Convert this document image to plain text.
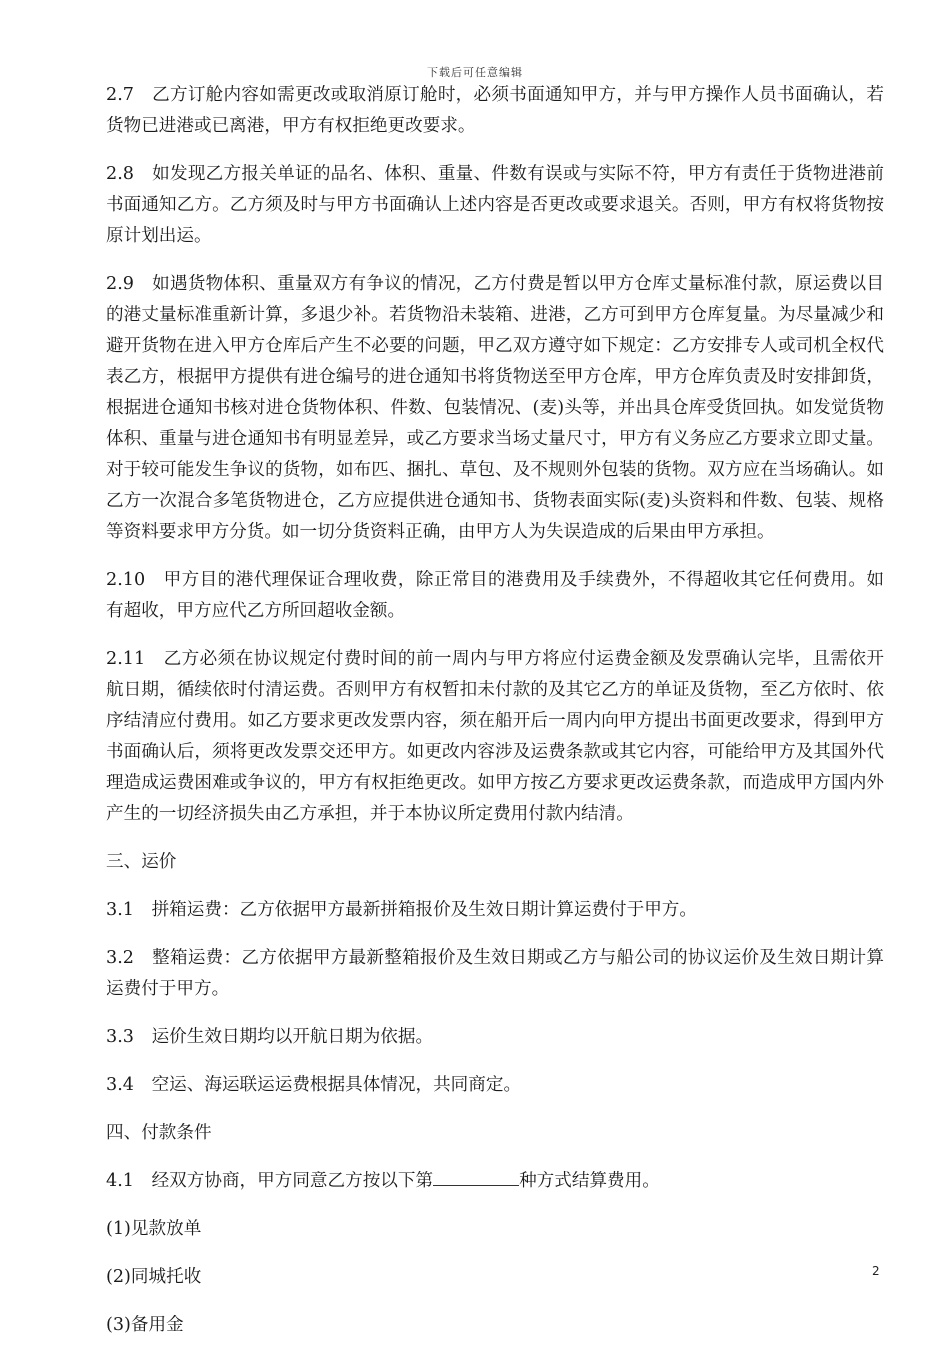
下载后可任意编辑

2.7　乙方订舱内容如需更改或取消原订舱时，必须书面通知甲方，并与甲方操作人员书面确认，若货物已进港或已离港，甲方有权拒绝更改要求。

2.8　如发现乙方报关单证的品名、体积、重量、件数有误或与实际不符，甲方有责任于货物进港前书面通知乙方。乙方须及时与甲方书面确认上述内容是否更改或要求退关。否则，甲方有权将货物按原计划出运。

2.9　如遇货物体积、重量双方有争议的情况，乙方付费是暂以甲方仓库丈量标准付款，原运费以目的港丈量标准重新计算，多退少补。若货物沿未装箱、进港，乙方可到甲方仓库复量。为尽量减少和避开货物在进入甲方仓库后产生不必要的问题，甲乙双方遵守如下规定：乙方安排专人或司机全权代表乙方，根据甲方提供有进仓编号的进仓通知书将货物送至甲方仓库，甲方仓库负责及时安排卸货，根据进仓通知书核对进仓货物体积、件数、包装情况、(麦)头等，并出具仓库受货回执。如发觉货物体积、重量与进仓通知书有明显差异，或乙方要求当场丈量尺寸，甲方有义务应乙方要求立即丈量。对于较可能发生争议的货物，如布匹、捆扎、草包、及不规则外包装的货物。双方应在当场确认。如乙方一次混合多笔货物进仓，乙方应提供进仓通知书、货物表面实际(麦)头资料和件数、包装、规格等资料要求甲方分货。如一切分货资料正确，由甲方人为失误造成的后果由甲方承担。

2.10　甲方目的港代理保证合理收费，除正常目的港费用及手续费外，不得超收其它任何费用。如有超收，甲方应代乙方所回超收金额。

2.11　乙方必须在协议规定付费时间的前一周内与甲方将应付运费金额及发票确认完毕，且需依开航日期，循续依时付清运费。否则甲方有权暂扣未付款的及其它乙方的单证及货物，至乙方依时、依序结清应付费用。如乙方要求更改发票内容，须在船开后一周内向甲方提出书面更改要求，得到甲方书面确认后，须将更改发票交还甲方。如更改内容涉及运费条款或其它内容，可能给甲方及其国外代理造成运费困难或争议的，甲方有权拒绝更改。如甲方按乙方要求更改运费条款，而造成甲方国内外产生的一切经济损失由乙方承担，并于本协议所定费用付款内结清。

三、运价

3.1　拼箱运费：乙方依据甲方最新拼箱报价及生效日期计算运费付于甲方。

3.2　整箱运费：乙方依据甲方最新整箱报价及生效日期或乙方与船公司的协议运价及生效日期计算运费付于甲方。

3.3　运价生效日期均以开航日期为依据。

3.4　空运、海运联运运费根据具体情况，共同商定。

四、付款条件

4.1　经双方协商，甲方同意乙方按以下第	种方式结算费用。

(1)见款放单

(2)同城托收

(3)备用金

2
